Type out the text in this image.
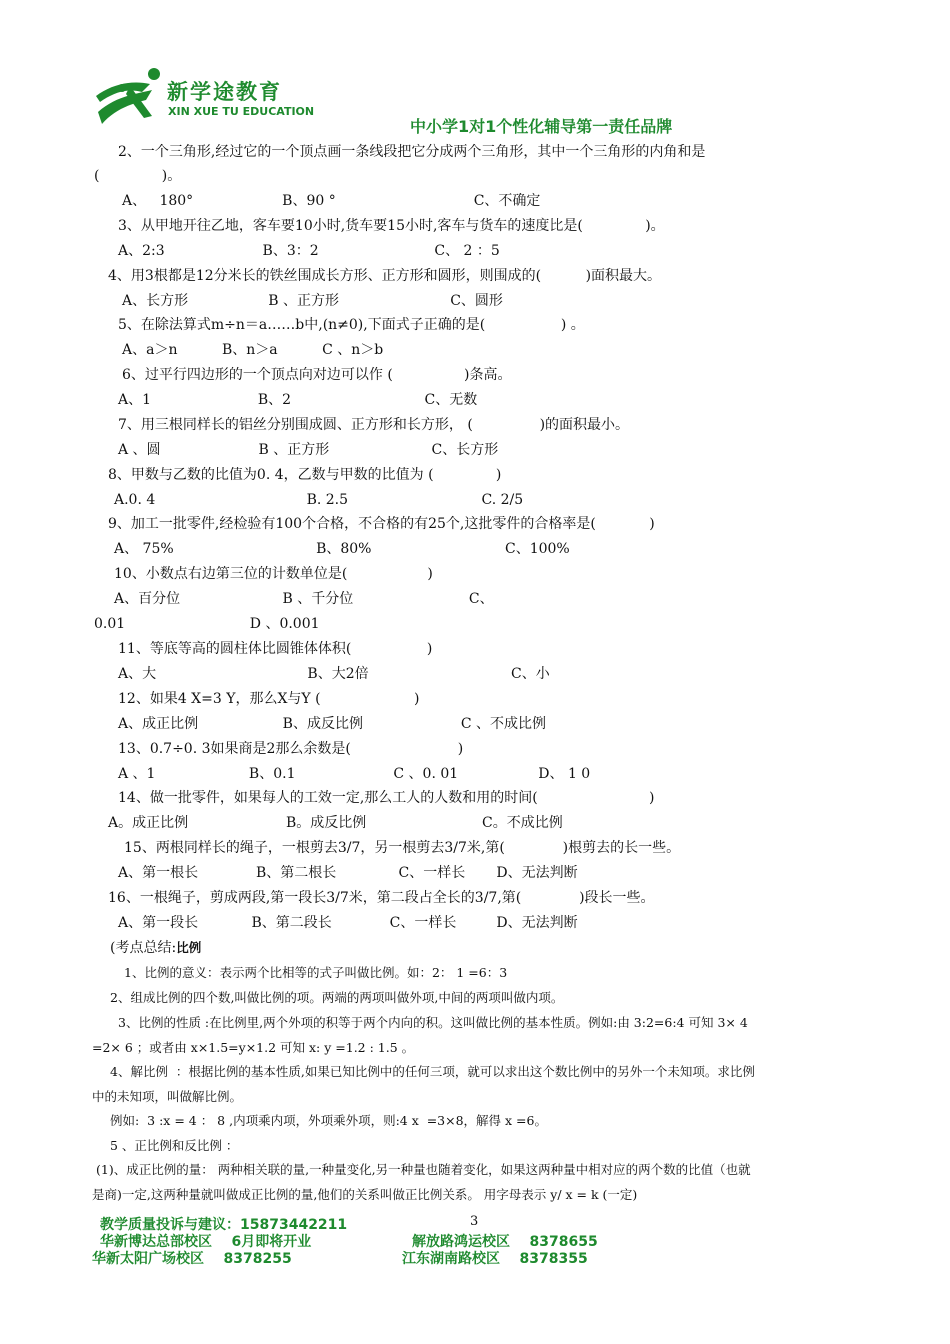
新学途教育
XIN XUE TU EDUCATION
中小学1对1个性化辅导第一责任品牌
2、一个三角形,经过它的一个顶点画一条线段把它分成两个三角形，其中一个三角形的内角和是
(              )。
A、   180°                    B、90 °                               C、不确定
3、从甲地开往乙地，客车要10小时,货车要15小时,客车与货车的速度比是(              )。
A、2:3                      B、3：2                          C、 2 ：5
4、用3根都是12分米长的铁丝围成长方形、正方形和圆形，则围成的(          )面积最大。
A、长方形                  B 、正方形                         C、圆形
5、在除法算式m÷n＝a……b中,(n≠0),下面式子正确的是(                 ) 。
A、a＞n          B、n＞a          C 、n＞b
6、过平行四边形的一个顶点向对边可以作 (                )条高。
A、1                        B、2                              C、无数
7、用三根同样长的铝丝分别围成圆、正方形和长方形， (               )的面积最小。
A 、圆                      B 、正方形                       C、长方形
8、甲数与乙数的比值为0. 4，乙数与甲数的比值为 (              )
A.0. 4                                  B. 2.5                              C. 2/5
9、加工一批零件,经检验有100个合格，不合格的有25个,这批零件的合格率是(            )
A、 75%                                B、80%                              C、100%
10、小数点右边第三位的计数单位是(                  )
A、百分位                       B 、千分位                          C、
0.01                            D 、0.001
11、等底等高的圆柱体比圆锥体体积(                 )
A、大                                  B、大2倍                                C、小
12、如果4 X=3 Y，那么X与Y (                     )
A、成正比例                   B、成反比例                      C 、不成比例
13、0.7÷0. 3如果商是2那么余数是(                        )
A 、1                     B、0.1                      C 、0. 01                  D、 1 0
14、做一批零件，如果每人的工效一定,那么工人的人数和用的时间(                         )
A。成正比例                      B。成反比例                          C。不成比例
15、两根同样长的绳子，一根剪去3/7，另一根剪去3/7米,第(             )根剪去的长一些。
A、第一根长             B、第二根长              C、一样长       D、无法判断
16、一根绳子，剪成两段,第一段长3/7米，第二段占全长的3/7,第(             )段长一些。
A、第一段长            B、第二段长             C、一样长         D、无法判断
(考点总结:比例
1、比例的意义：表示两个比相等的式子叫做比例。如：2： 1 =6：3
2、组成比例的四个数,叫做比例的项。两端的两项叫做外项,中间的两项叫做内项。
3、比例的性质 :在比例里,两个外项的积等于两个内向的积。这叫做比例的基本性质。例如:由 3:2=6:4 可知 3× 4
=2× 6 ；或者由 x×1.5=y×1.2 可知 x: y =1.2 : 1.5 。
4、解比例  ：根据比例的基本性质,如果已知比例中的任何三项，就可以求出这个数比例中的另外一个未知项。求比例
中的未知项，叫做解比例。
例如:  3 :x = 4 ： 8 ,内项乘内项，外项乘外项，则:4 x  =3×8，解得 x =6。
5 、正比例和反比例 ：
(1)、成正比例的量： 两种相关联的量,一种量变化,另一种量也随着变化，如果这两种量中相对应的两个数的比值（也就
是商)一定,这两种量就叫做成正比例的量,他们的关系叫做正比例关系。 用字母表示 y/ x = k (一定)
教学质量投诉与建议：15873442211	3
华新博达总部校区    6月即将开业	解放路鸿运校区    8378655
华新太阳广场校区    8378255	江东湖南路校区    8378355
